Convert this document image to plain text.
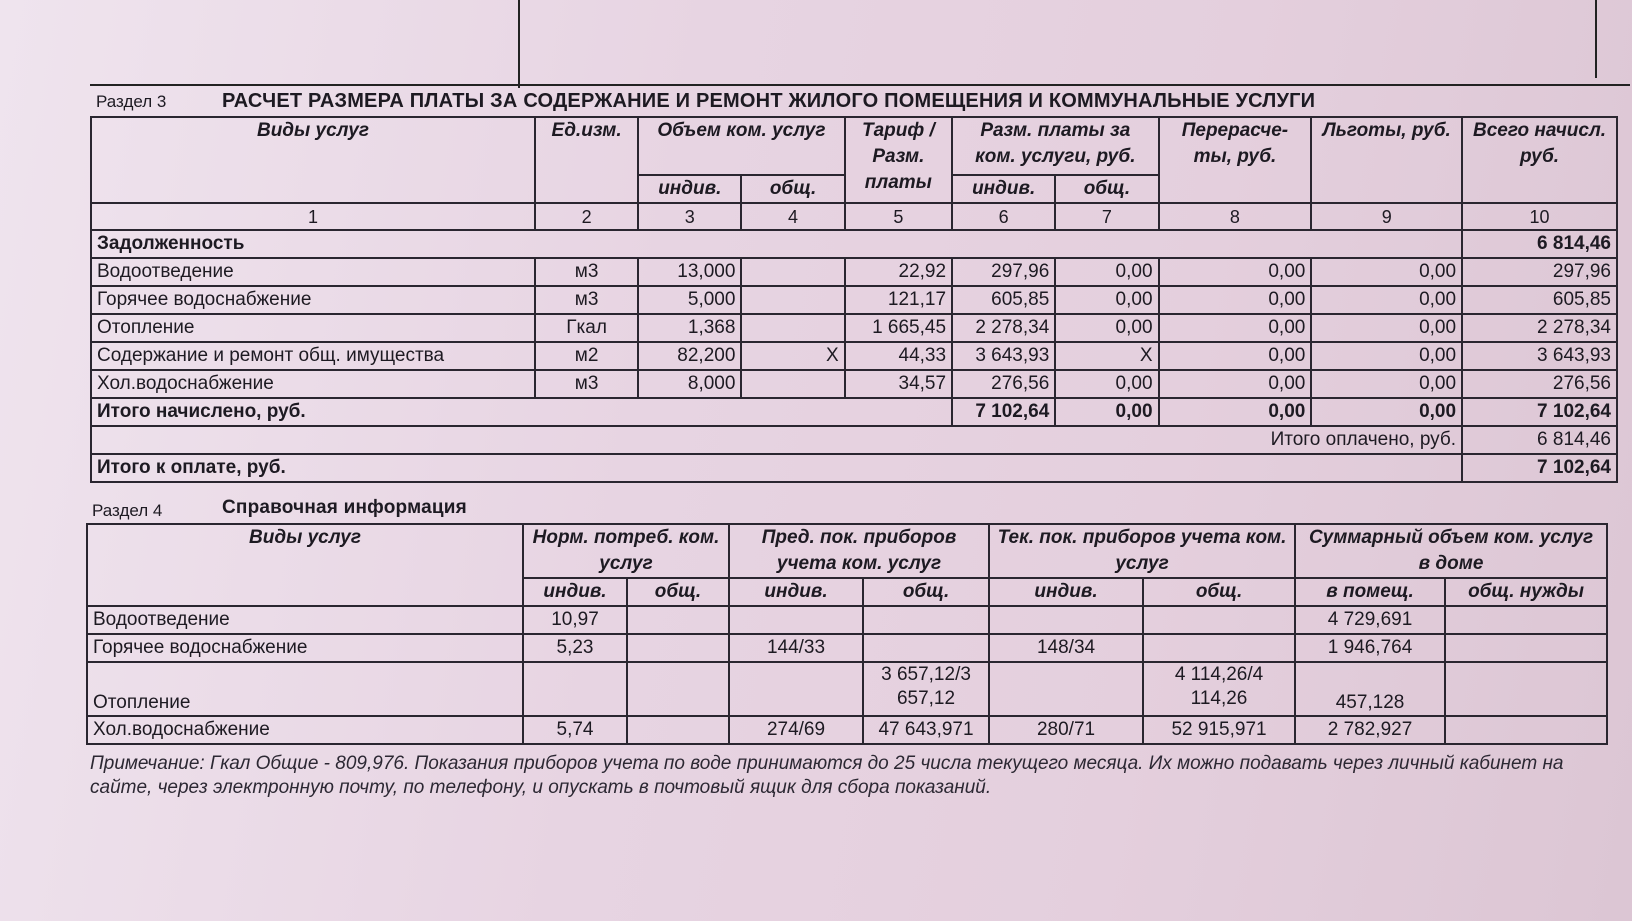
Раздел 3	РАСЧЕТ РАЗМЕРА ПЛАТЫ ЗА СОДЕРЖАНИЕ И РЕМОНТ ЖИЛОГО ПОМЕЩЕНИЯ И КОММУНАЛЬНЫЕ УСЛУГИ
Виды услуг	Ед.изм.	Объем ком. услуг		Тариф / Разм. платы	Разм. платы за ком. услуги, руб.		Перерасче-ты, руб.	Льготы, руб.	Всего начисл. руб.
		индив.	общ.		индив.	общ.			
1	2	3	4	5	6	7	8	9	10
Задолженность									6 814,46
Водоотведение	м3	13,000		22,92	297,96	0,00	0,00	0,00	297,96
Горячее водоснабжение	м3	5,000		121,17	605,85	0,00	0,00	0,00	605,85
Отопление	Гкал	1,368		1 665,45	2 278,34	0,00	0,00	0,00	2 278,34
Содержание и ремонт общ. имущества	м2	82,200	X	44,33	3 643,93	X	0,00	0,00	3 643,93
Хол.водоснабжение	м3	8,000		34,57	276,56	0,00	0,00	0,00	276,56
Итого начислено, руб.					7 102,64	0,00	0,00	0,00	7 102,64
Итого оплачено, руб.									6 814,46
Итого к оплате, руб.									7 102,64
Раздел 4	Справочная информация
Виды услуг	Норм. потреб. ком. услуг		Пред. пок. приборов учета ком. услуг		Тек. пок. приборов учета ком. услуг		Суммарный объем ком. услуг в доме	
	индив.	общ.	индив.	общ.	индив.	общ.	в помещ.	общ. нужды
Водоотведение	10,97						4 729,691	
Горячее водоснабжение	5,23		144/33		148/34		1 946,764	
Отопление				3 657,12/3 657,12		4 114,26/4 114,26	457,128	
Хол.водоснабжение	5,74		274/69	47 643,971	280/71	52 915,971	2 782,927	
Примечание: Гкал Общие - 809,976. Показания приборов учета по воде принимаются до 25 числа текущего месяца. Их можно подавать через личный кабинет на сайте, через электронную почту, по телефону, и опускать в почтовый ящик для сбора показаний.
